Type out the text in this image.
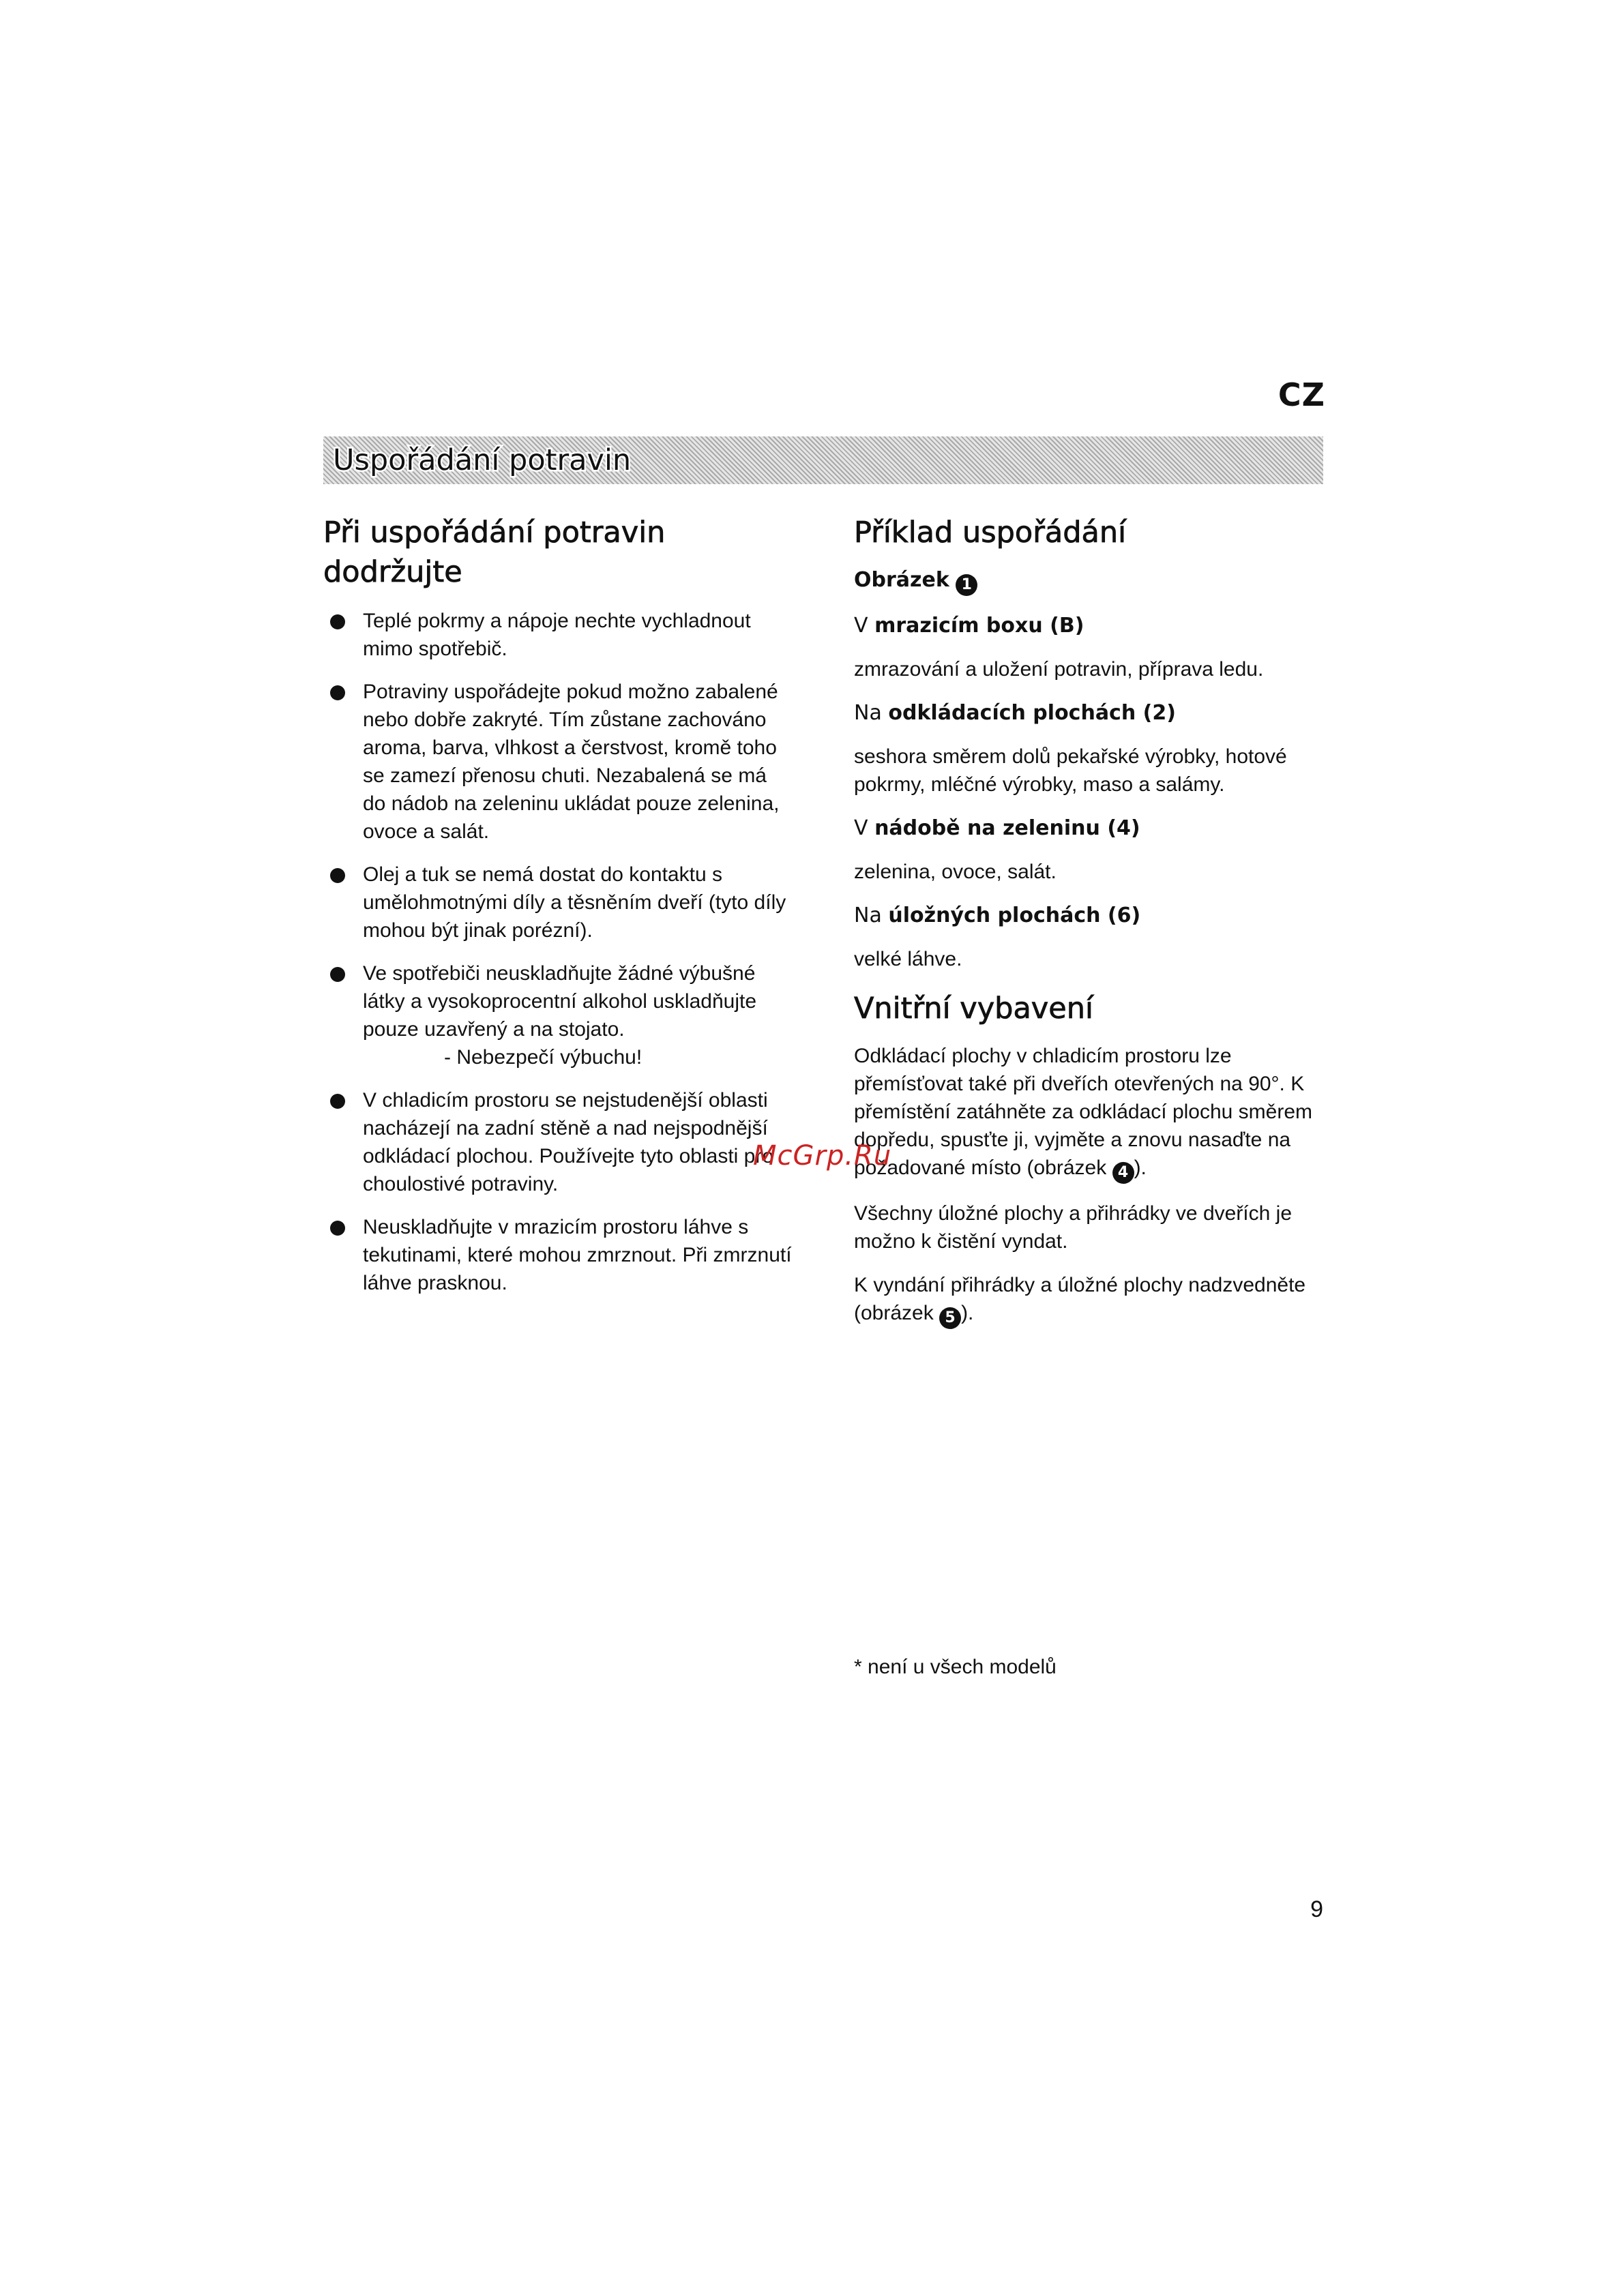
CZ
Uspořádání potravin
Při uspořádání potravin
dodržujte
Teplé pokrmy a nápoje nechte vychladnout mimo spotřebič.
Potraviny uspořádejte pokud možno zabalené nebo dobře zakryté. Tím zůstane zachováno aroma, barva, vlhkost a čerstvost, kromě toho se zamezí přenosu chuti. Nezabalená se má do nádob na zeleninu ukládat pouze zelenina, ovoce a salát.
Olej a tuk se nemá dostat do kontaktu s umělohmotnými díly a těsněním dveří (tyto díly mohou být jinak porézní).
Ve spotřebiči neuskladňujte žádné výbušné látky a vysokoprocentní alkohol uskladňujte pouze uzavřený a na stojato.
- Nebezpečí výbuchu!
V chladicím prostoru se nejstudenější oblasti nacházejí na zadní stěně a nad nejspodnější odkládací plochou. Používejte tyto oblasti pro choulostivé potraviny.
Neuskladňujte v mrazicím prostoru láhve s tekutinami, které mohou zmrznout. Při zmrznutí láhve prasknou.
Příklad uspořádání

Obrázek 1

V mrazicím boxu (B)

zmrazování a uložení potravin, příprava ledu.

Na odkládacích plochách (2)

seshora směrem dolů pekařské výrobky, hotové pokrmy, mléčné výrobky, maso a salámy.

V nádobě na zeleninu (4)

zelenina, ovoce, salát.

Na úložných plochách (6)

velké láhve.

Vnitřní vybavení

Odkládací plochy v chladicím prostoru lze přemísťovat také při dveřích otevřených na 90°. K přemístění zatáhněte za odkládací plochu směrem dopředu, spusťte ji, vyjměte a znovu nasaďte na požadované místo (obrázek 4 ).

Všechny úložné plochy a přihrádky ve dveřích je možno k čistění vyndat.

K vyndání přihrádky a úložné plochy nadzvedněte (obrázek 5 ).

* není u všech modelů
9
McGrp.Ru
